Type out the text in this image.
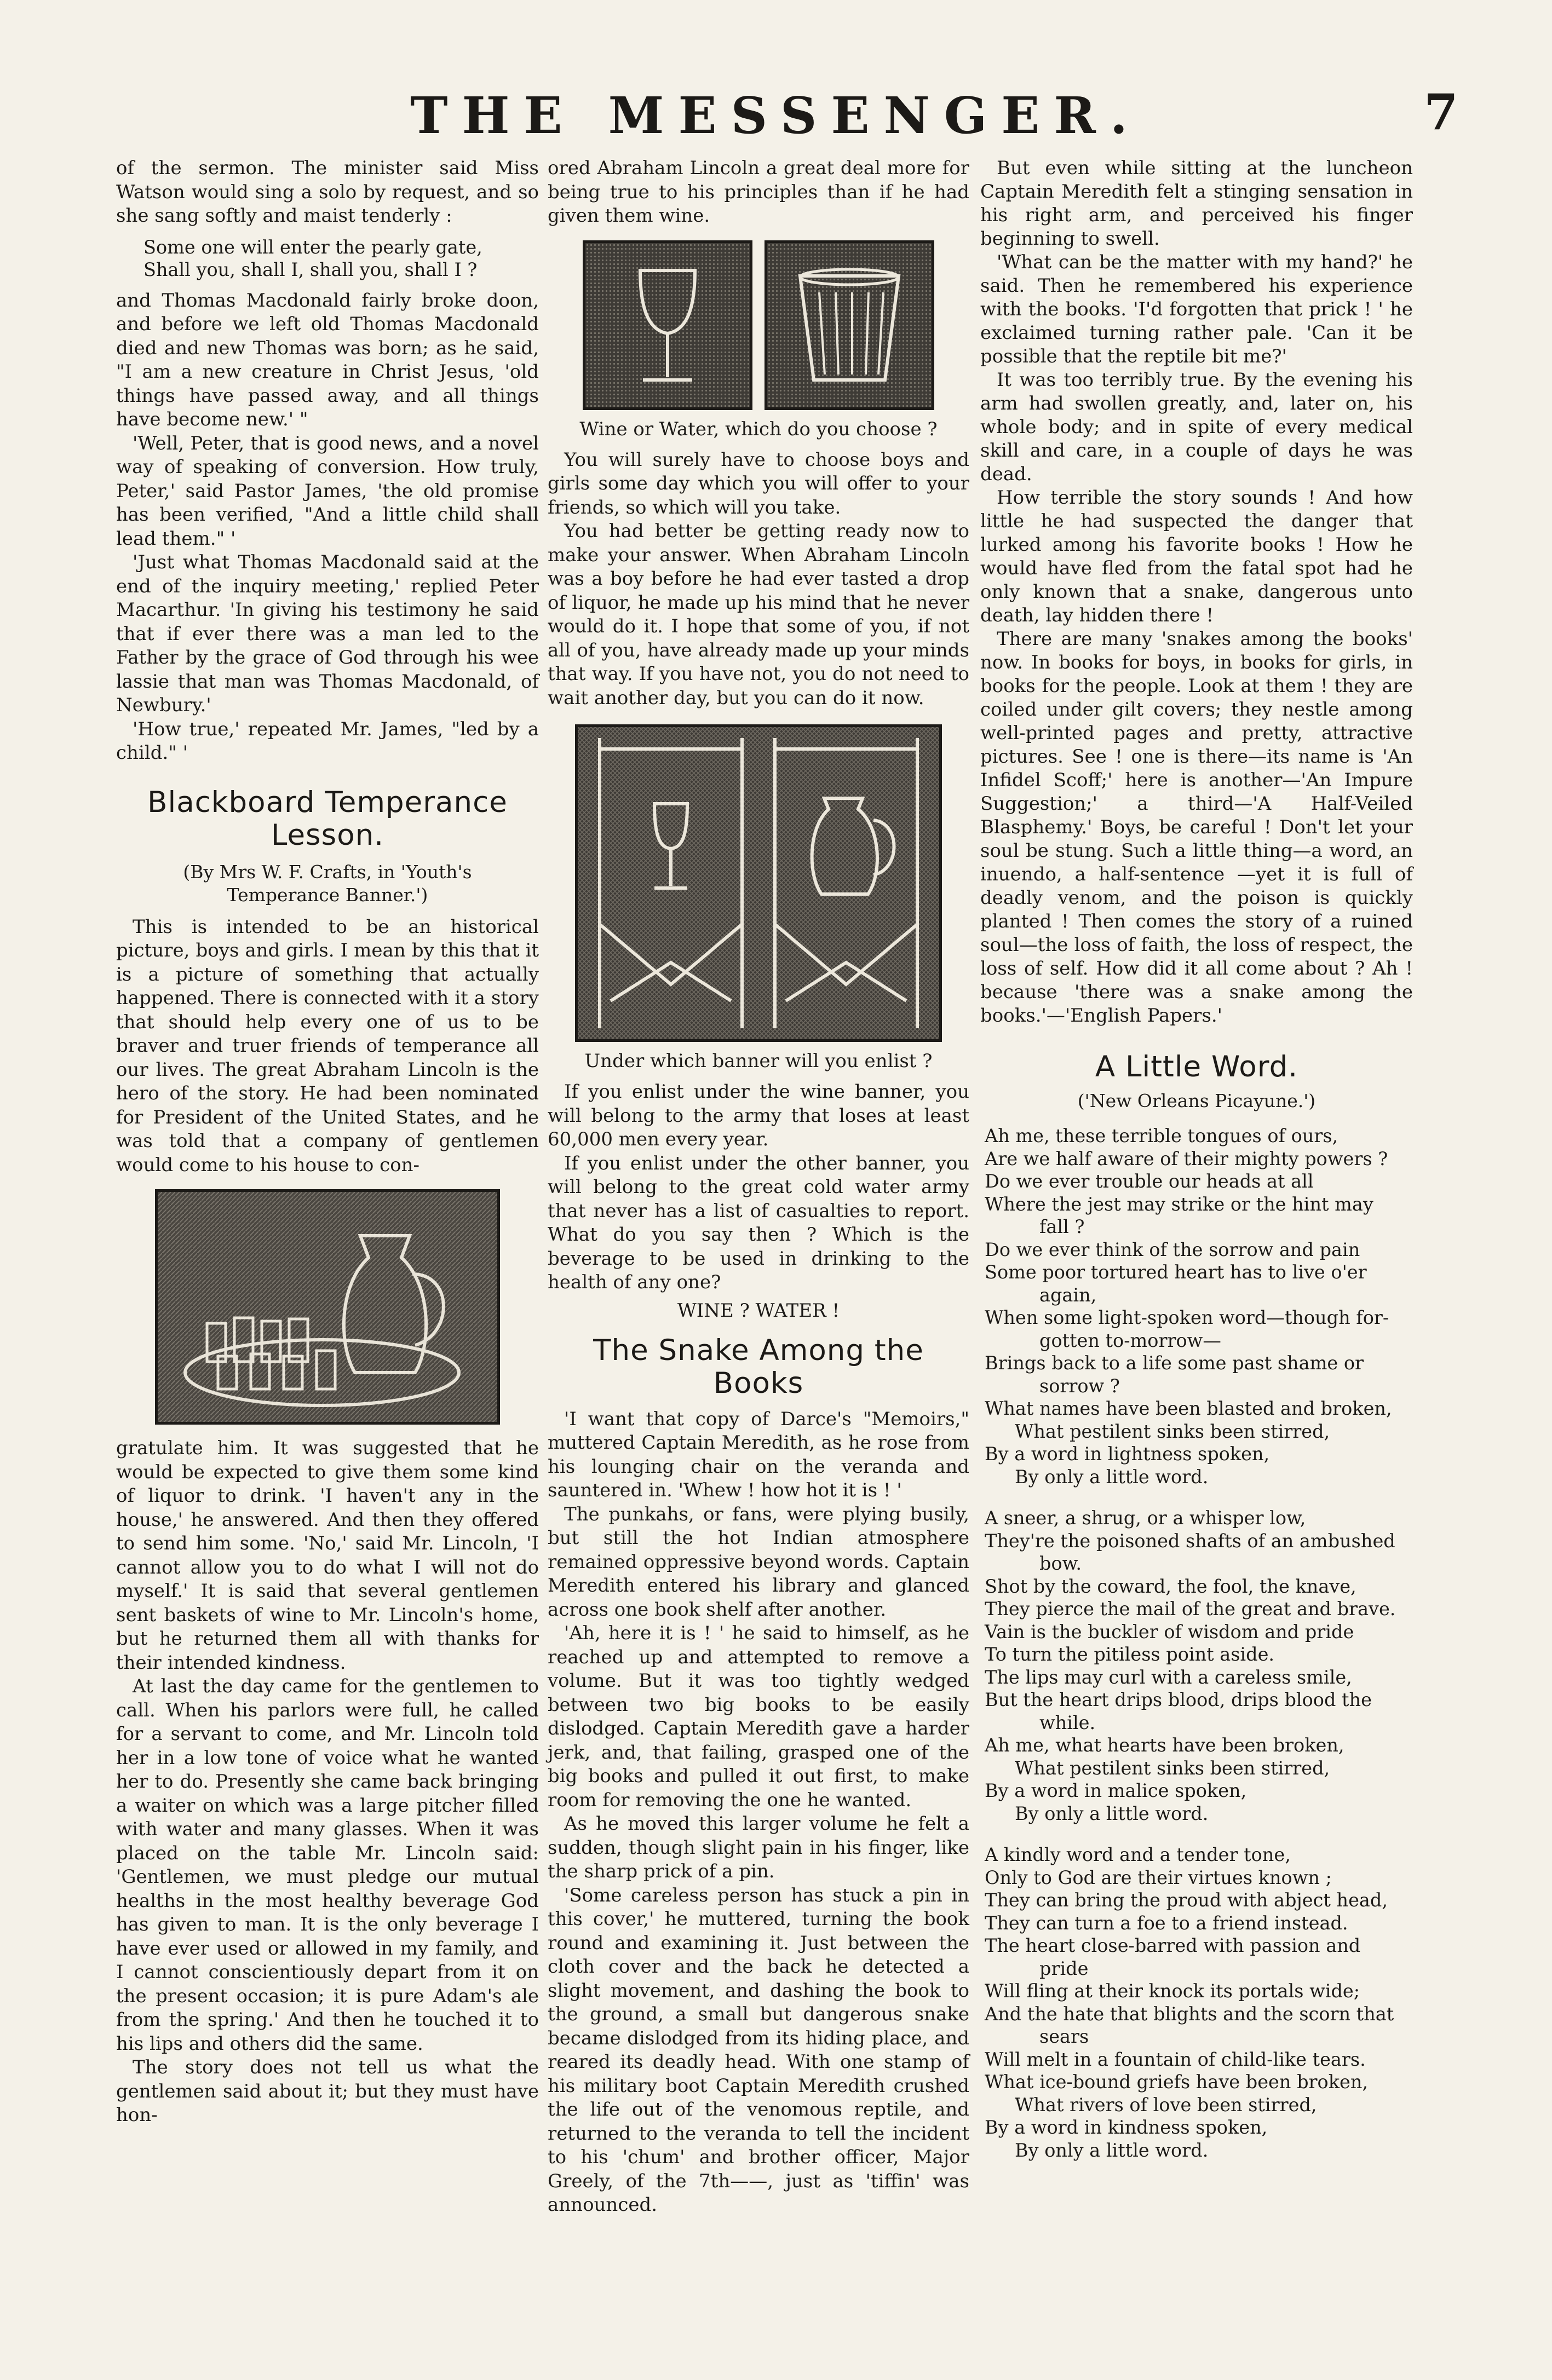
THE MESSENGER.	7

of the sermon. The minister said Miss Watson would sing a solo by request, and so she sang softly and maist tenderly :

Some one will enter the pearly gate,
Shall you, shall I, shall you, shall I ?

and Thomas Macdonald fairly broke doon, and before we left old Thomas Macdonald died and new Thomas was born; as he said, "I am a new creature in Christ Jesus, 'old things have passed away, and all things have become new.' "

'Well, Peter, that is good news, and a novel way of speaking of conversion. How truly, Peter,' said Pastor James, 'the old promise has been verified, "And a little child shall lead them." '

'Just what Thomas Macdonald said at the end of the inquiry meeting,' replied Peter Macarthur. 'In giving his testimony he said that if ever there was a man led to the Father by the grace of God through his wee lassie that man was Thomas Macdonald, of Newbury.'

'How true,' repeated Mr. James, "led by a child." '

Blackboard Temperance Lesson.

(By Mrs W. F. Crafts, in 'Youth's Temperance Banner.')

This is intended to be an historical picture, boys and girls. I mean by this that it is a picture of something that actually happened. There is connected with it a story that should help every one of us to be braver and truer friends of temperance all our lives. The great Abraham Lincoln is the hero of the story. He had been nominated for President of the United States, and he was told that a company of gentlemen would come to his house to con-

gratulate him. It was suggested that he would be expected to give them some kind of liquor to drink. 'I haven't any in the house,' he answered. And then they offered to send him some. 'No,' said Mr. Lincoln, 'I cannot allow you to do what I will not do myself.' It is said that several gentlemen sent baskets of wine to Mr. Lincoln's home, but he returned them all with thanks for their intended kindness.

At last the day came for the gentlemen to call. When his parlors were full, he called for a servant to come, and Mr. Lincoln told her in a low tone of voice what he wanted her to do. Presently she came back bringing a waiter on which was a large pitcher filled with water and many glasses. When it was placed on the table Mr. Lincoln said: 'Gentlemen, we must pledge our mutual healths in the most healthy beverage God has given to man. It is the only beverage I have ever used or allowed in my family, and I cannot conscientiously depart from it on the present occasion; it is pure Adam's ale from the spring.' And then he touched it to his lips and others did the same.

The story does not tell us what the gentlemen said about it; but they must have hon-

ored Abraham Lincoln a great deal more for being true to his principles than if he had given them wine.

Wine or Water, which do you choose ?

You will surely have to choose boys and girls some day which you will offer to your friends, so which will you take.

You had better be getting ready now to make your answer. When Abraham Lincoln was a boy before he had ever tasted a drop of liquor, he made up his mind that he never would do it. I hope that some of you, if not all of you, have already made up your minds that way. If you have not, you do not need to wait another day, but you can do it now.

Under which banner will you enlist ?

If you enlist under the wine banner, you will belong to the army that loses at least 60,000 men every year.

If you enlist under the other banner, you will belong to the great cold water army that never has a list of casualties to report. What do you say then ? Which is the beverage to be used in drinking to the health of any one?

WINE ? WATER !

The Snake Among the Books

'I want that copy of Darce's "Memoirs," muttered Captain Meredith, as he rose from his lounging chair on the veranda and sauntered in. 'Whew ! how hot it is ! '

The punkahs, or fans, were plying busily, but still the hot Indian atmosphere remained oppressive beyond words. Captain Meredith entered his library and glanced across one book shelf after another.

'Ah, here it is ! ' he said to himself, as he reached up and attempted to remove a volume. But it was too tightly wedged between two big books to be easily dislodged. Captain Meredith gave a harder jerk, and, that failing, grasped one of the big books and pulled it out first, to make room for removing the one he wanted.

As he moved this larger volume he felt a sudden, though slight pain in his finger, like the sharp prick of a pin.

'Some careless person has stuck a pin in this cover,' he muttered, turning the book round and examining it. Just between the cloth cover and the back he detected a slight movement, and dashing the book to the ground, a small but dangerous snake became dislodged from its hiding place, and reared its deadly head. With one stamp of his military boot Captain Meredith crushed the life out of the venomous reptile, and returned to the veranda to tell the incident to his 'chum' and brother officer, Major Greely, of the 7th——, just as 'tiffin' was announced.

But even while sitting at the luncheon Captain Meredith felt a stinging sensation in his right arm, and perceived his finger beginning to swell.

'What can be the matter with my hand?' he said. Then he remembered his experience with the books. 'I'd forgotten that prick ! ' he exclaimed turning rather pale. 'Can it be possible that the reptile bit me?'

It was too terribly true. By the evening his arm had swollen greatly, and, later on, his whole body; and in spite of every medical skill and care, in a couple of days he was dead.

How terrible the story sounds ! And how little he had suspected the danger that lurked among his favorite books ! How he would have fled from the fatal spot had he only known that a snake, dangerous unto death, lay hidden there !

There are many 'snakes among the books' now. In books for boys, in books for girls, in books for the people. Look at them ! they are coiled under gilt covers; they nestle among well-printed pages and pretty, attractive pictures. See ! one is there—its name is 'An Infidel Scoff;' here is another—'An Impure Suggestion;' a third—'A Half-Veiled Blasphemy.' Boys, be careful ! Don't let your soul be stung. Such a little thing—a word, an inuendo, a half-sentence —yet it is full of deadly venom, and the poison is quickly planted ! Then comes the story of a ruined soul—the loss of faith, the loss of respect, the loss of self. How did it all come about ? Ah ! because 'there was a snake among the books.'—'English Papers.'

A Little Word.

('New Orleans Picayune.')

Ah me, these terrible tongues of ours,
Are we half aware of their mighty powers ?
Do we ever trouble our heads at all
Where the jest may strike or the hint may
fall ?
Do we ever think of the sorrow and pain
Some poor tortured heart has to live o'er
again,
When some light-spoken word—though for-
gotten to-morrow—
Brings back to a life some past shame or
sorrow ?
What names have been blasted and broken,
What pestilent sinks been stirred,
By a word in lightness spoken,
By only a little word.
A sneer, a shrug, or a whisper low,
They're the poisoned shafts of an ambushed
bow.
Shot by the coward, the fool, the knave,
They pierce the mail of the great and brave.
Vain is the buckler of wisdom and pride
To turn the pitiless point aside.
The lips may curl with a careless smile,
But the heart drips blood, drips blood the
while.
Ah me, what hearts have been broken,
What pestilent sinks been stirred,
By a word in malice spoken,
By only a little word.
A kindly word and a tender tone,
Only to God are their virtues known ;
They can bring the proud with abject head,
They can turn a foe to a friend instead.
The heart close-barred with passion and
pride
Will fling at their knock its portals wide;
And the hate that blights and the scorn that
sears
Will melt in a fountain of child-like tears.
What ice-bound griefs have been broken,
What rivers of love been stirred,
By a word in kindness spoken,
By only a little word.
